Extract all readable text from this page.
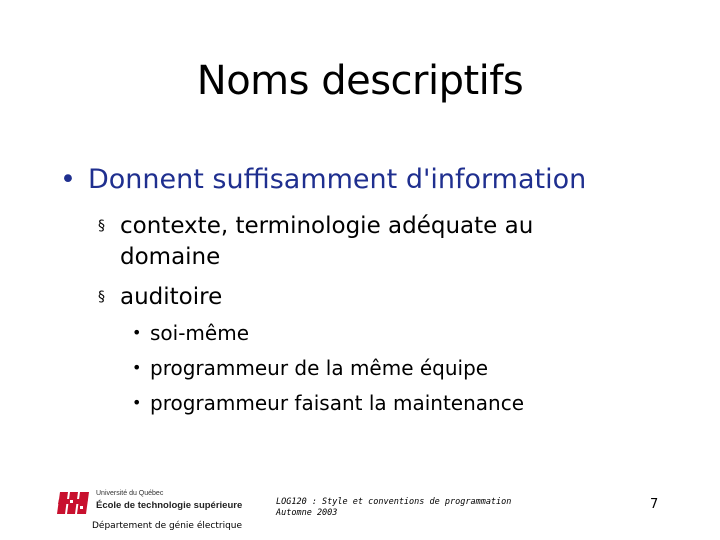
Noms descriptifs
• Donnent suffisamment d'information
§ contexte, terminologie adéquate au
domaine
§ auditoire
• soi-même
• programmeur de la même équipe
• programmeur faisant la maintenance
Université du Québec
École de technologie supérieure
Département de génie électrique
LOG120 : Style et conventions de programmation
Automne 2003
7
